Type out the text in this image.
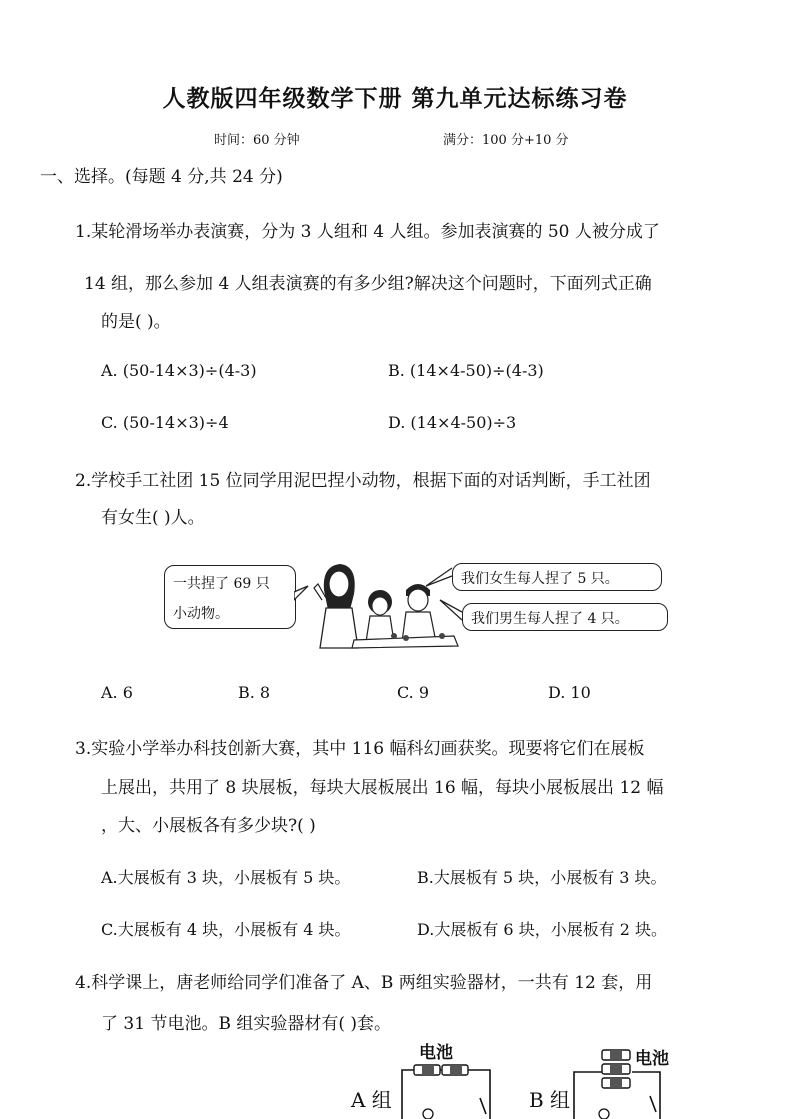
人教版四年级数学下册 第九单元达标练习卷
时间：60 分钟	满分：100 分+10 分
一、选择。(每题 4 分,共 24 分)
1.某轮滑场举办表演赛，分为 3 人组和 4 人组。参加表演赛的 50 人被分成了
14 组，那么参加 4 人组表演赛的有多少组?解决这个问题时，下面列式正确
的是( )。
A. (50-14×3)÷(4-3)	B. (14×4-50)÷(4-3)
C. (50-14×3)÷4	D. (14×4-50)÷3
2.学校手工社团 15 位同学用泥巴捏小动物，根据下面的对话判断，手工社团
有女生( )人。
一共捏了 69 只
小动物。
我们女生每人捏了 5 只。
我们男生每人捏了 4 只。
A. 6	B. 8	C. 9	D. 10
3.实验小学举办科技创新大赛，其中 116 幅科幻画获奖。现要将它们在展板
上展出，共用了 8 块展板，每块大展板展出 16 幅，每块小展板展出 12 幅
，大、小展板各有多少块?( )
A.大展板有 3 块，小展板有 5 块。	B.大展板有 5 块，小展板有 3 块。
C.大展板有 4 块，小展板有 4 块。	D.大展板有 6 块，小展板有 2 块。
4.科学课上，唐老师给同学们准备了 A、B 两组实验器材，一共有 12 套，用
了 31 节电池。B 组实验器材有( )套。
A 组
电池
B 组
电池
